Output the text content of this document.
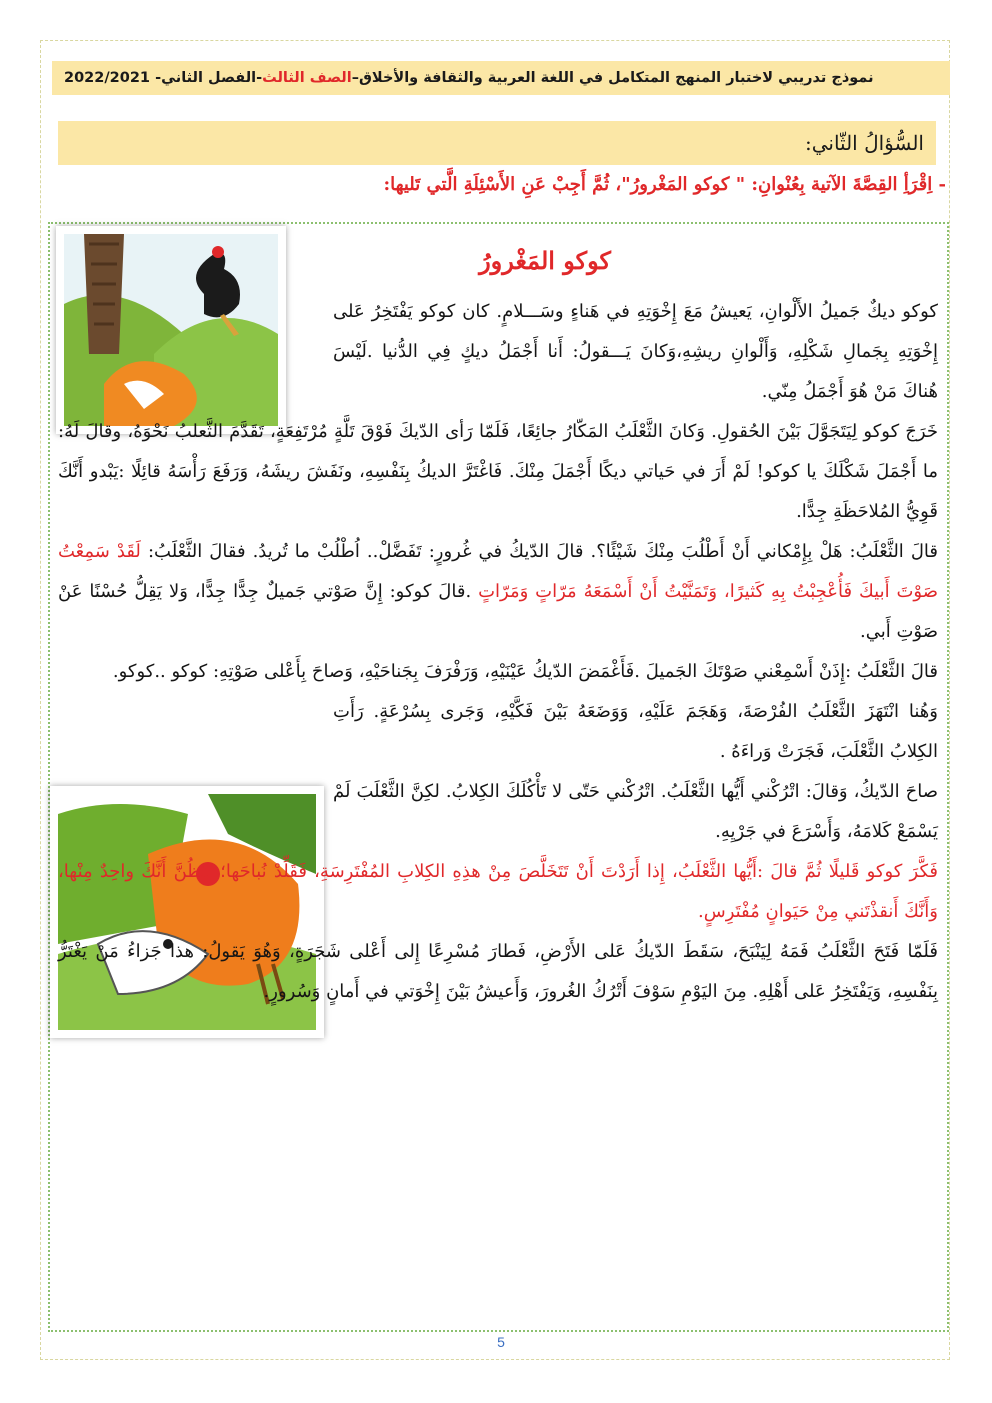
نموذج تدريبي لاختبار المنهج المتكامل في اللغة العربية والثقافة والأخلاق–
الصف الثالث
-الفصل الثاني- 2022/2021
السُّؤالُ الثّاني:
- اِقْرَأِ القِصَّةَ الآتية بِعُنْوانِ: " كوكو المَغْرورُ"، ثُمَّ أَجِبْ عَنِ الأَسْئِلَةِ الَّتي تَليها:
كوكو المَغْرورُ

كوكو ديكٌ جَميلُ الأَلْوانِ، يَعيشُ مَعَ إِخْوَتِهِ في هَناءٍ وسَـــلامٍ. كان كوكو يَفْتَخِرُ عَلى إِخْوَتِهِ بِجَمالِ شَكْلِهِ، وَأَلْوانِ ريشِهِ،وَكانَ يَـــقولُ: أَنا أَجْمَلُ ديكٍ فِي الدُّنيا .لَيْسَ هُناكَ مَنْ هُوَ أَجْمَلُ مِنّي.

خَرَجَ كوكو لِيَتَجَوَّلَ بَيْنَ الحُقولِ. وَكانَ الثَّعْلَبُ المَكّارُ جائِعًا، فَلَمّا رَأى الدّيكَ فَوْقَ تَلَّةٍ مُرْتَفِعَةٍ، تَقَدَّمَ الثَّعلبُ نَحْوَهُ، وقالَ لَهُ: ما أَجْمَلَ شَكْلَكَ يا كوكو! لَمْ أَرَ في حَياتي ديكًا أَجْمَلَ مِنْكَ. فَاغْتَرَّ الديكُ بِنَفْسِهِ، ونَفَشَ ريشَهُ، وَرَفَعَ رَأْسَهُ قائِلًا :يَبْدو أَنَّكَ قَوِيُّ المُلاحَظَةِ جِدًّا.

قالَ الثَّعْلَبُ: هَلْ بِإِمْكاني أَنْ أَطْلُبَ مِنْكَ شَيْئًا؟. قالَ الدّيكُ في غُرورٍ: تَفَضَّلْ.. اُطْلُبْ ما تُريدُ. فقالَ الثَّعْلَبُ: لَقَدْ سَمِعْتُ صَوْتَ أَبيكَ فَأُعْجِبْتُ بِهِ كَثيرًا، وَتَمَنَّيْتُ أَنْ أَسْمَعَهُ مَرّاتٍ وَمَرّاتٍ .قالَ كوكو: إِنَّ صَوْتي جَميلٌ جِدًّا جِدًّا، وَلا يَقِلُّ حُسْنًا عَنْ صَوْتِ أَبي.

قالَ الثَّعْلَبُ :إِذَنْ أَسْمِعْني صَوْتَكَ الجَميلَ .فَأَغْمَضَ الدّيكُ عَيْنَيْهِ، وَرَفْرَفَ بِجَناحَيْهِ، وَصاحَ بِأَعْلى صَوْتِهِ: كوكو ..كوكو.

وَهُنا انْتَهَزَ الثَّعْلَبُ الفُرْصَةَ، وَهَجَمَ عَلَيْهِ، وَوَضَعَهُ بَيْنَ فَكَّيْهِ، وَجَرى بِسُرْعَةٍ. رَأَتِ الكِلابُ الثَّعْلَبَ، فَجَرَتْ وَراءَهُ .

صاحَ الدّيكُ، وَقالَ: اتْرُكْني أَيُّها الثَّعْلَبُ. اتْرُكْني حَتّى لا تَأْكُلَكَ الكِلابُ. لكِنَّ الثَّعْلَبَ لَمْ يَسْمَعْ كَلامَهُ، وَأَسْرَعَ في جَرْيِهِ.

فَكَّرَ كوكو قَليلًا ثُمَّ قالَ :أَيُّها الثَّعْلَبُ، إِذا أَرَدْتَ أَنْ تَتَخَلَّصَ مِنْ هذِهِ الكِلابِ المُفْتَرِسَةِ، فَقَلِّدْ نُباحَها؛ لِتَظُنَّ أَنَّكَ واحِدٌ مِنْها، وَأَنَّكَ أَنقذْتَني مِنْ حَيَوانٍ مُفْتَرِسٍ.

فَلَمّا فَتَحَ الثَّعْلَبُ فَمَهُ لِيَنْبَحَ، سَقَطَ الدّيكُ عَلى الأَرْضِ، فَطارَ مُسْرِعًا إِلى أَعْلى شَجَرَةٍ، وَهُوَ يَقولُ: هذا جَزاءُ مَنْ يَغْتَرُّ بِنَفْسِهِ، وَيَفْتَخِرُ عَلى أَهْلِهِ. مِنَ اليَوْمِ سَوْفَ أَتْرُكُ الغُرورَ، وَأَعيشُ بَيْنَ إِخْوَتي في أَمانٍ وَسُرورٍ.

5
